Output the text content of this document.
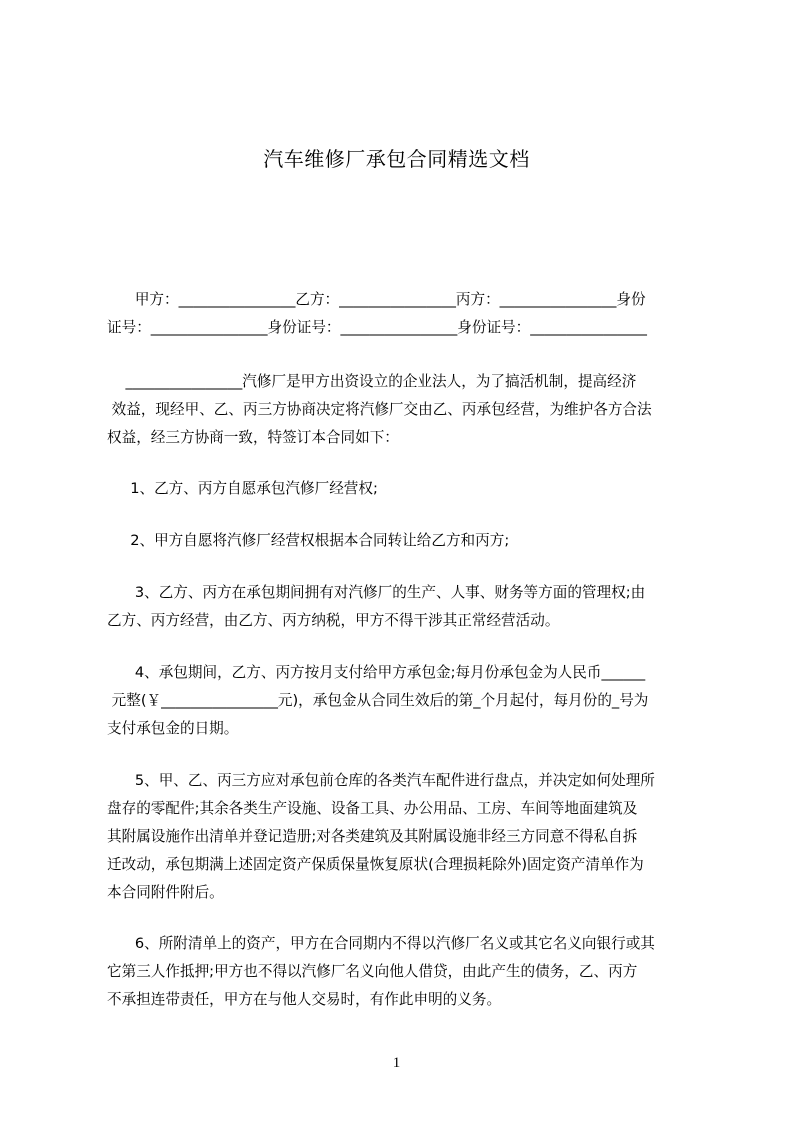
汽车维修厂承包合同精选文档
甲方：________________乙方：________________丙方：________________身份
证号：________________身份证号：________________身份证号：________________
________________汽修厂是甲方出资设立的企业法人，为了搞活机制，提高经济
效益，现经甲、乙、丙三方协商决定将汽修厂交由乙、丙承包经营，为维护各方合法
权益，经三方协商一致，特签订本合同如下：
1、乙方、丙方自愿承包汽修厂经营权;
2、甲方自愿将汽修厂经营权根据本合同转让给乙方和丙方;
3、乙方、丙方在承包期间拥有对汽修厂的生产、人事、财务等方面的管理权;由
乙方、丙方经营，由乙方、丙方纳税，甲方不得干涉其正常经营活动。
4、承包期间，乙方、丙方按月支付给甲方承包金;每月份承包金为人民币______
元整(￥________________元)，承包金从合同生效后的第_个月起付，每月份的_号为
支付承包金的日期。
5、甲、乙、丙三方应对承包前仓库的各类汽车配件进行盘点，并决定如何处理所
盘存的零配件;其余各类生产设施、设备工具、办公用品、工房、车间等地面建筑及
其附属设施作出清单并登记造册;对各类建筑及其附属设施非经三方同意不得私自拆
迁改动，承包期满上述固定资产保质保量恢复原状(合理损耗除外)固定资产清单作为
本合同附件附后。
6、所附清单上的资产，甲方在合同期内不得以汽修厂名义或其它名义向银行或其
它第三人作抵押;甲方也不得以汽修厂名义向他人借贷，由此产生的债务，乙、丙方
不承担连带责任，甲方在与他人交易时，有作此申明的义务。
1
